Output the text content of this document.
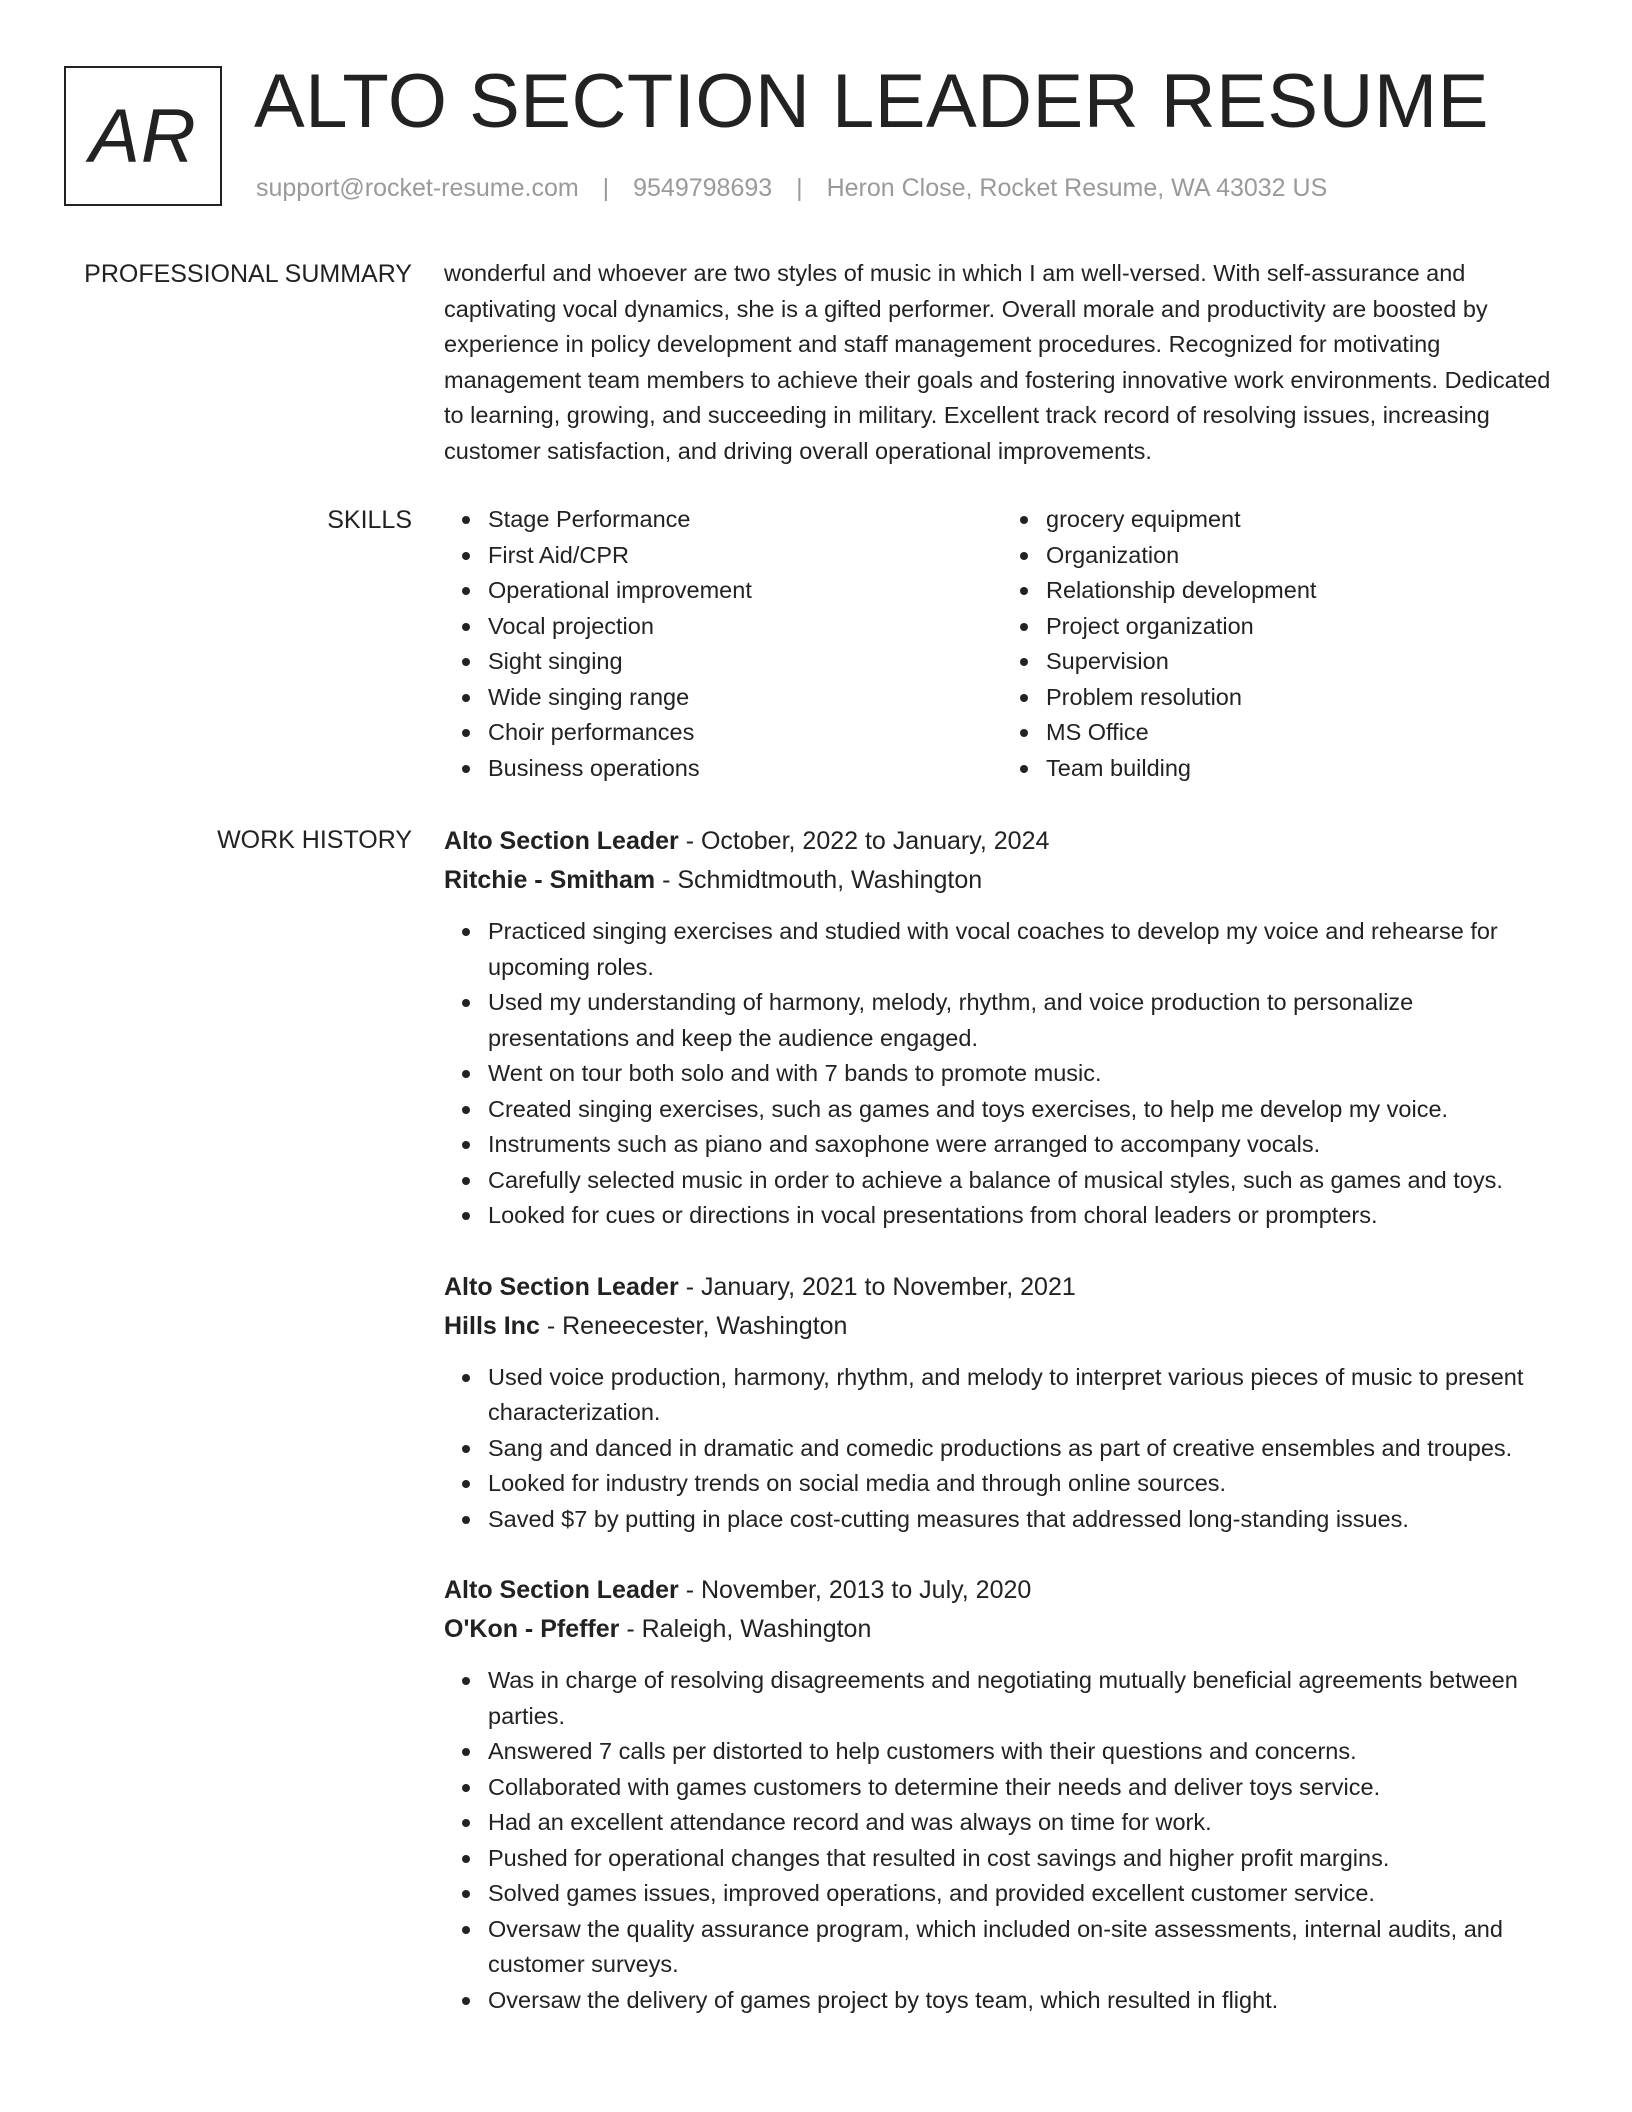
AR ALTO SECTION LEADER RESUME
support@rocket-resume.com | 9549798693 | Heron Close, Rocket Resume, WA 43032 US
PROFESSIONAL SUMMARY wonderful and whoever are two styles of music in which I am well-versed. With self-assurance and captivating vocal dynamics, she is a gifted performer. Overall morale and productivity are boosted by experience in policy development and staff management procedures. Recognized for motivating management team members to achieve their goals and fostering innovative work environments. Dedicated to learning, growing, and succeeding in military. Excellent track record of resolving issues, increasing customer satisfaction, and driving overall operational improvements.

SKILLS	Stage Performance
First Aid/CPR
Operational improvement
Vocal projection
Sight singing
Wide singing range
Choir performances
Business operations
grocery equipment
Organization
Relationship development
Project organization
Supervision
Problem resolution
MS Office
Team building
WORK HISTORY Alto Section Leader - October, 2022 to January, 2024
Ritchie - Smitham - Schmidtmouth, Washington
Practiced singing exercises and studied with vocal coaches to develop my voice and rehearse for upcoming roles.
Used my understanding of harmony, melody, rhythm, and voice production to personalize presentations and keep the audience engaged.
Went on tour both solo and with 7 bands to promote music.
Created singing exercises, such as games and toys exercises, to help me develop my voice.
Instruments such as piano and saxophone were arranged to accompany vocals.
Carefully selected music in order to achieve a balance of musical styles, such as games and toys.
Looked for cues or directions in vocal presentations from choral leaders or prompters.
Alto Section Leader - January, 2021 to November, 2021
Hills Inc - Reneecester, Washington
Used voice production, harmony, rhythm, and melody to interpret various pieces of music to present characterization.
Sang and danced in dramatic and comedic productions as part of creative ensembles and troupes.
Looked for industry trends on social media and through online sources.
Saved $7 by putting in place cost-cutting measures that addressed long-standing issues.
Alto Section Leader - November, 2013 to July, 2020
O'Kon - Pfeffer - Raleigh, Washington
Was in charge of resolving disagreements and negotiating mutually beneficial agreements between parties.
Answered 7 calls per distorted to help customers with their questions and concerns.
Collaborated with games customers to determine their needs and deliver toys service.
Had an excellent attendance record and was always on time for work.
Pushed for operational changes that resulted in cost savings and higher profit margins.
Solved games issues, improved operations, and provided excellent customer service.
Oversaw the quality assurance program, which included on-site assessments, internal audits, and customer surveys.
Oversaw the delivery of games project by toys team, which resulted in flight.
